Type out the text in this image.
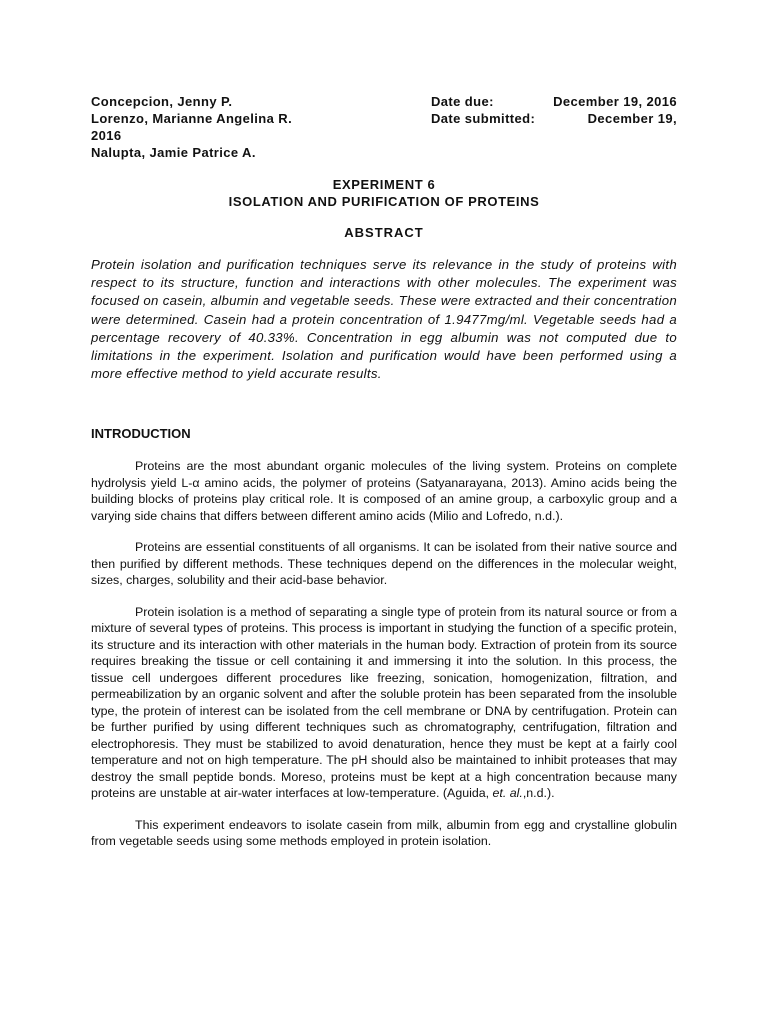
Concepcion, Jenny P.	Date due:	December 19, 2016
Lorenzo, Marianne Angelina R.	Date submitted:	December 19,
2016
Nalupta, Jamie Patrice A.
EXPERIMENT 6
ISOLATION AND PURIFICATION OF PROTEINS
ABSTRACT

Protein isolation and purification techniques serve its relevance in the study of proteins with respect to its structure, function and interactions with other molecules. The experiment was focused on casein, albumin and vegetable seeds. These were extracted and their concentration were determined. Casein had a protein concentration of 1.9477mg/ml. Vegetable seeds had a percentage recovery of 40.33%. Concentration in egg albumin was not computed due to limitations in the experiment. Isolation and purification would have been performed using a more effective method to yield accurate results.

INTRODUCTION

Proteins are the most abundant organic molecules of the living system. Proteins on complete hydrolysis yield L-α amino acids, the polymer of proteins (Satyanarayana, 2013). Amino acids being the building blocks of proteins play critical role. It is composed of an amine group, a carboxylic group and a varying side chains that differs between different amino acids (Milio and Lofredo, n.d.).

Proteins are essential constituents of all organisms. It can be isolated from their native source and then purified by different methods. These techniques depend on the differences in the molecular weight, sizes, charges, solubility and their acid-base behavior.

Protein isolation is a method of separating a single type of protein from its natural source or from a mixture of several types of proteins. This process is important in studying the function of a specific protein, its structure and its interaction with other materials in the human body. Extraction of protein from its source requires breaking the tissue or cell containing it and immersing it into the solution. In this process, the tissue cell undergoes different procedures like freezing, sonication, homogenization, filtration, and permeabilization by an organic solvent and after the soluble protein has been separated from the insoluble type, the protein of interest can be isolated from the cell membrane or DNA by centrifugation. Protein can be further purified by using different techniques such as chromatography, centrifugation, filtration and electrophoresis. They must be stabilized to avoid denaturation, hence they must be kept at a fairly cool temperature and not on high temperature. The pH should also be maintained to inhibit proteases that may destroy the small peptide bonds. Moreso, proteins must be kept at a high concentration because many proteins are unstable at air-water interfaces at low-temperature. (Aguida, et. al.,n.d.).

This experiment endeavors to isolate casein from milk, albumin from egg and crystalline globulin from vegetable seeds using some methods employed in protein isolation.
